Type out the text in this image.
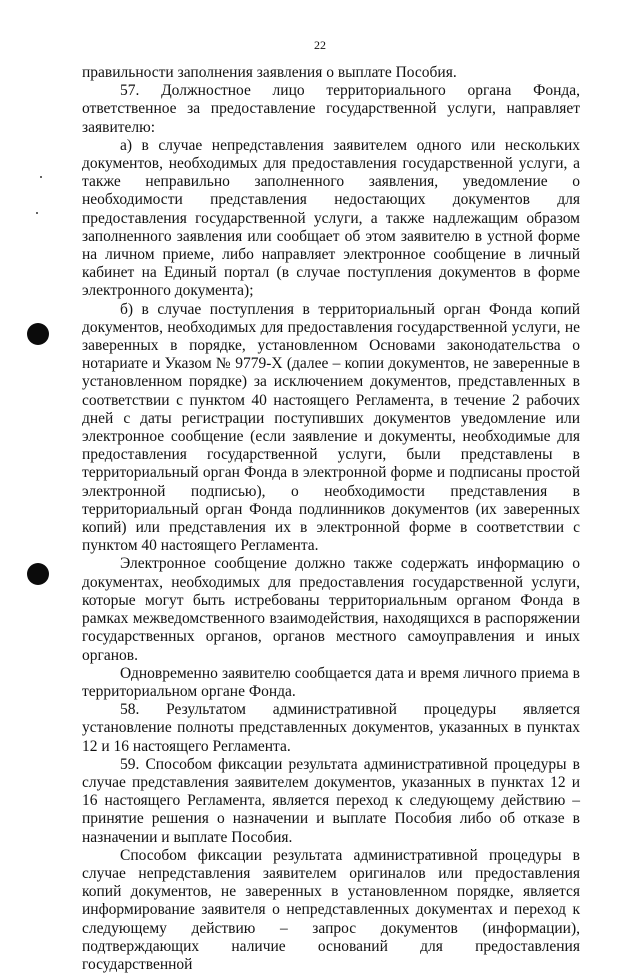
22

правильности заполнения заявления о выплате Пособия.

57. Должностное лицо территориального органа Фонда, ответственное за предоставление государственной услуги, направляет заявителю:

а) в случае непредставления заявителем одного или нескольких документов, необходимых для предоставления государственной услуги, а также неправильно заполненного заявления, уведомление о необходимости представления недостающих документов для предоставления государственной услуги, а также надлежащим образом заполненного заявления или сообщает об этом заявителю в устной форме на личном приеме, либо направляет электронное сообщение в личный кабинет на Единый портал (в случае поступления документов в форме электронного документа);

б) в случае поступления в территориальный орган Фонда копий документов, необходимых для предоставления государственной услуги, не заверенных в порядке, установленном Основами законодательства о нотариате и Указом № 9779-X (далее – копии документов, не заверенные в установленном порядке) за исключением документов, представленных в соответствии с пунктом 40 настоящего Регламента, в течение 2 рабочих дней с даты регистрации поступивших документов уведомление или электронное сообщение (если заявление и документы, необходимые для предоставления государственной услуги, были представлены в территориальный орган Фонда в электронной форме и подписаны простой электронной подписью), о необходимости представления в территориальный орган Фонда подлинников документов (их заверенных копий) или представления их в электронной форме в соответствии с пунктом 40 настоящего Регламента.

Электронное сообщение должно также содержать информацию о документах, необходимых для предоставления государственной услуги, которые могут быть истребованы территориальным органом Фонда в рамках межведомственного взаимодействия, находящихся в распоряжении государственных органов, органов местного самоуправления и иных органов.

Одновременно заявителю сообщается дата и время личного приема в территориальном органе Фонда.

58. Результатом административной процедуры является установление полноты представленных документов, указанных в пунктах 12 и 16 настоящего Регламента.

59. Способом фиксации результата административной процедуры в случае представления заявителем документов, указанных в пунктах 12 и 16 настоящего Регламента, является переход к следующему действию – принятие решения о назначении и выплате Пособия либо об отказе в назначении и выплате Пособия.

Способом фиксации результата административной процедуры в случае непредставления заявителем оригиналов или предоставления копий документов, не заверенных в установленном порядке, является информирование заявителя о непредставленных документах и переход к следующему действию – запрос документов (информации), подтверждающих наличие оснований для предоставления государственной
